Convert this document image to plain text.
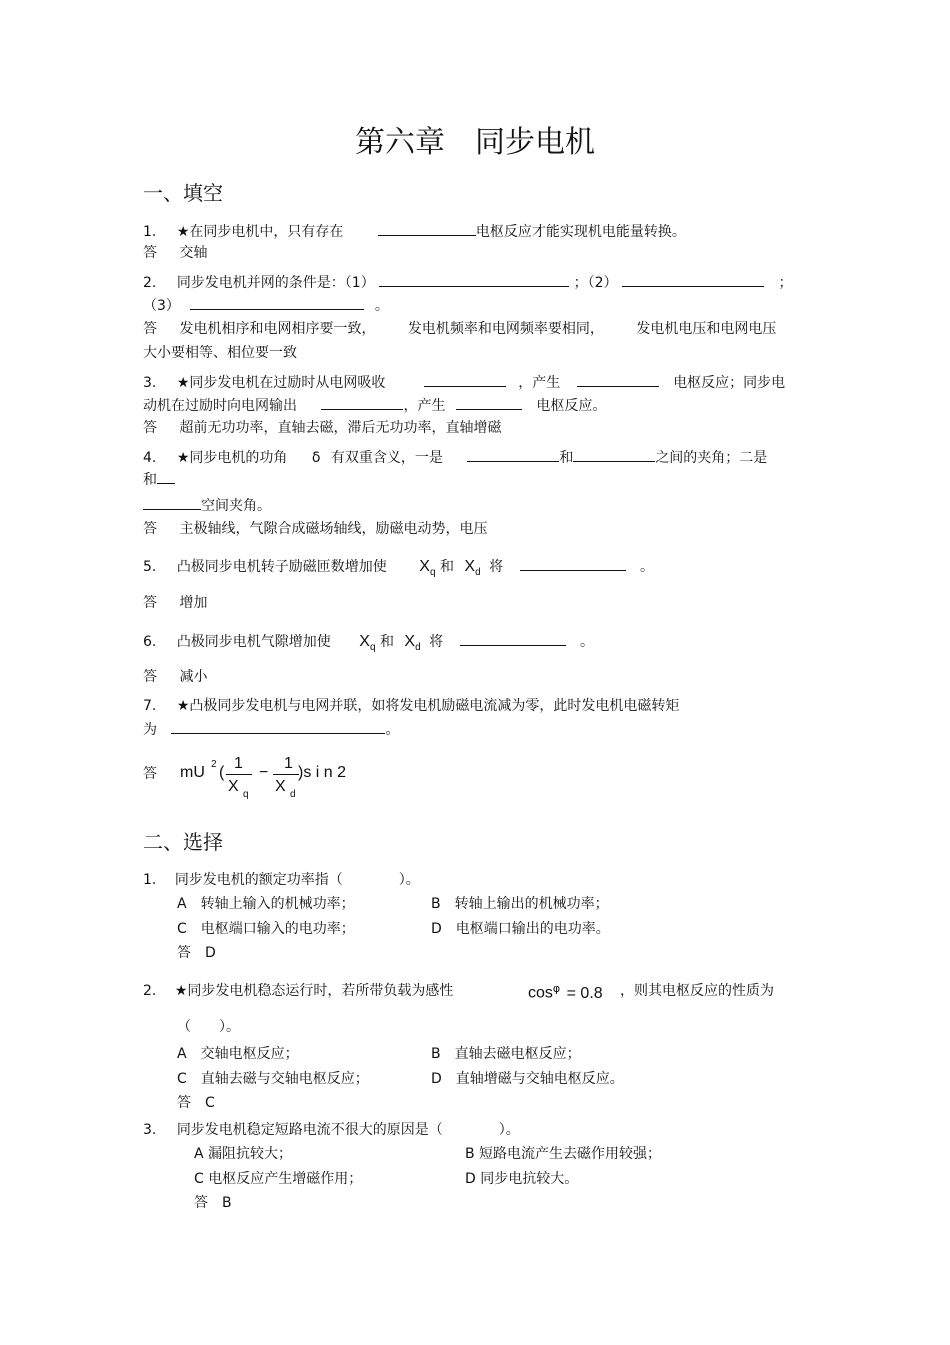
第六章　同步电机
一、填空
1. ★在同步电机中，只有存在	电枢反应才能实现机电能量转换。
答 交轴
2. 同步发电机并网的条件是：（1）	；（2）	；
（3）	。
答 发电机相序和电网相序要一致， 发电机频率和电网频率要相同， 发电机电压和电网电压
大小要相等、相位要一致
3. ★同步发电机在过励时从电网吸收	，产生	电枢反应；同步电
动机在过励时向电网输出	，产生	电枢反应。
答 超前无功功率，直轴去磁，滞后无功功率，直轴增磁
4. ★同步电机的功角 δ 有双重含义，一是	和	之间的夹角；二是
和
空间夹角。
答 主极轴线，气隙合成磁场轴线，励磁电动势，电压
5. 凸极同步电机转子励磁匝数增加使 $X_q$ 和 $X_d$ 将	。
答 增加
6. 凸极同步电机气隙增加使 $X_q$ 和 $X_d$ 将	。
答 减小
7. ★凸极同步发电机与电网并联，如将发电机励磁电流减为零，此时发电机电磁转矩
为	。
答 mU 2 (
1
X q
−
1
X d
)s i n 2
二、选择
1. 同步发电机的额定功率指（　　　　）。
A　转轴上输入的机械功率；	B　转轴上输出的机械功率；
C　电枢端口输入的电功率；	D　电枢端口输出的电功率。
答　D
2. ★同步发电机稳态运行时，若所带负载为感性	$\cos^\varphi = 0.8$ ，则其电枢反应的性质为
（　　）。
A　交轴电枢反应；	B　直轴去磁电枢反应；
C　直轴去磁与交轴电枢反应；	D　直轴增磁与交轴电枢反应。
答　C
3. 同步发电机稳定短路电流不很大的原因是（　　　　）。
A 漏阻抗较大；	B 短路电流产生去磁作用较强；
C 电枢反应产生增磁作用；	D 同步电抗较大。
答　B
